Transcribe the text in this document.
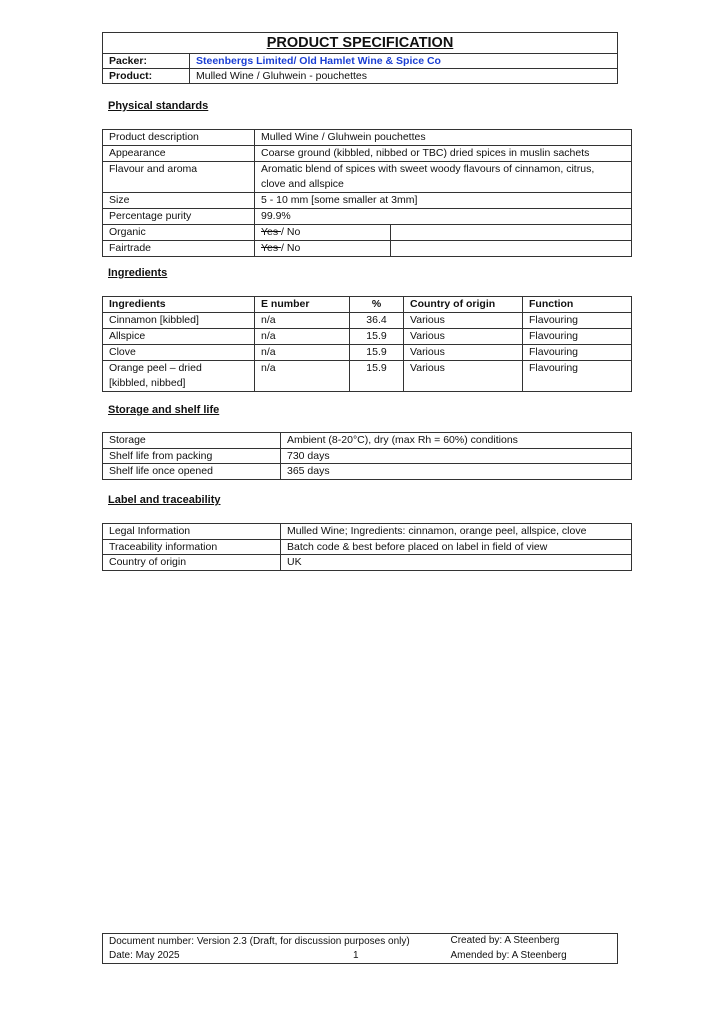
PRODUCT SPECIFICATION	
Packer:	Steenbergs Limited/ Old Hamlet Wine & Spice Co
Product:	Mulled Wine / Gluhwein - pouchettes
Physical standards
Product description	Mulled Wine / Gluhwein pouchettes	
Appearance	Coarse ground (kibbled, nibbed or TBC) dried spices in muslin sachets	
Flavour and aroma	Aromatic blend of spices with sweet woody flavours of cinnamon, citrus,
clove and allspice	

Size	5 - 10 mm [some smaller at 3mm]	
Percentage purity	99.9%	
Organic	Yes / No	
Fairtrade	Yes / No	
Ingredients
Ingredients	E number	%	Country of origin	Function
Cinnamon [kibbled]	n/a	36.4	Various	Flavouring
Allspice	n/a	15.9	Various	Flavouring
Clove	n/a	15.9	Various	Flavouring

Orange peel – dried
[kibbled, nibbed]	n/a	15.9	Various	Flavouring
Storage and shelf life
Storage	Ambient (8-20°C), dry (max Rh = 60%) conditions
Shelf life from packing	730 days
Shelf life once opened	365 days
Label and traceability
Legal Information	Mulled Wine; Ingredients: cinnamon, orange peel, allspice, clove
Traceability information	Batch code & best before placed on label in field of view
Country of origin	UK
Document number: Version 2.3 (Draft, for discussion purposes only)	Created by: A Steenberg
Date: May 2025 1	Amended by: A Steenberg
